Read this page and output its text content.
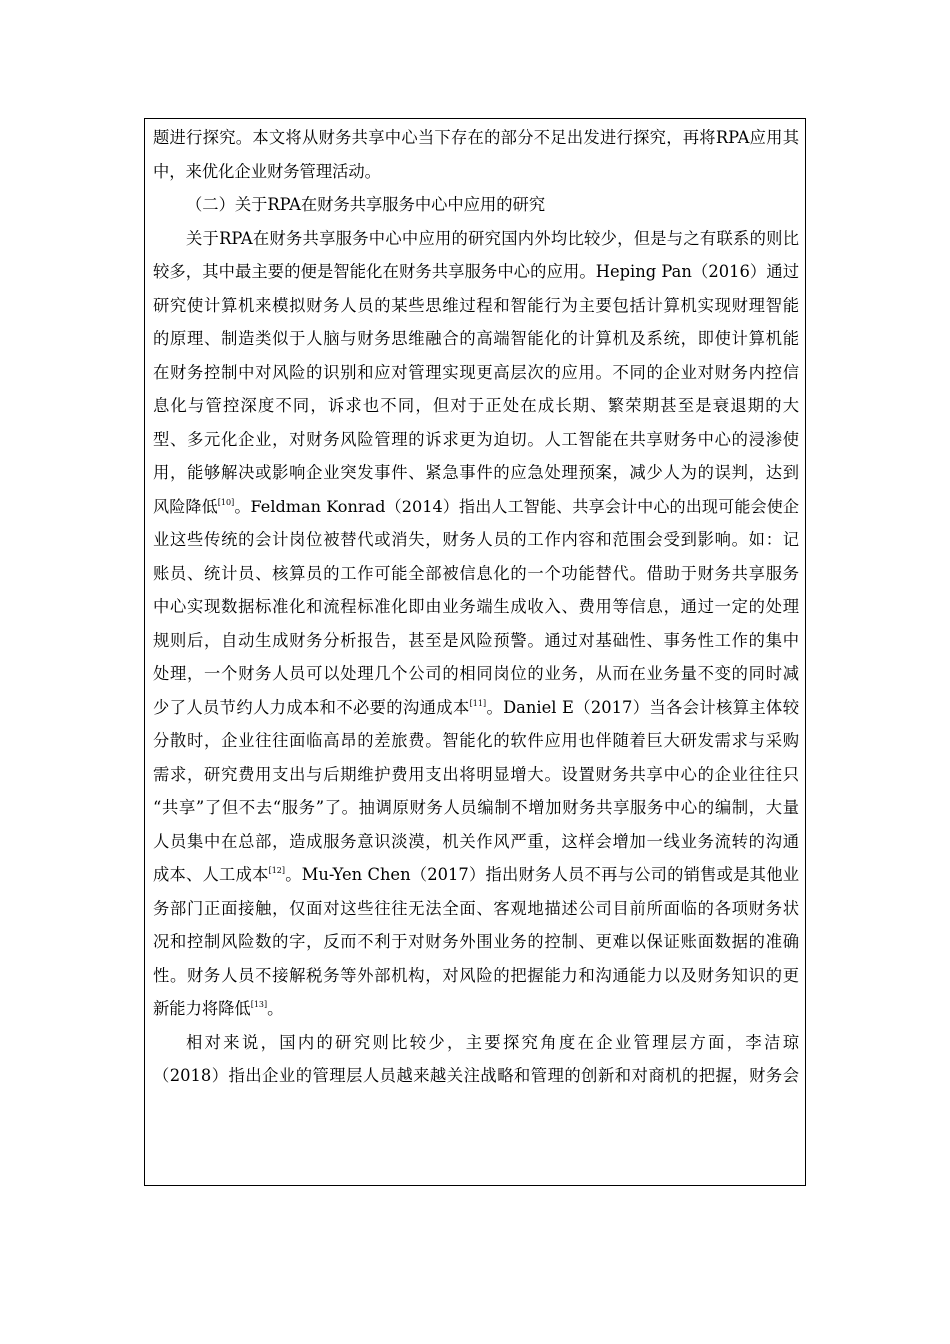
题进行探究。本文将从财务共享中心当下存在的部分不足出发进行探究，再将RPA应用其
中，来优化企业财务管理活动。
（二）关于RPA在财务共享服务中心中应用的研究
关于RPA在财务共享服务中心中应用的研究国内外均比较少，但是与之有联系的则比
较多，其中最主要的便是智能化在财务共享服务中心的应用。Heping Pan（2016）通过
研究使计算机来模拟财务人员的某些思维过程和智能行为主要包括计算机实现财理智能
的原理、制造类似于人脑与财务思维融合的高端智能化的计算机及系统，即使计算机能
在财务控制中对风险的识别和应对管理实现更高层次的应用。不同的企业对财务内控信
息化与管控深度不同，诉求也不同，但对于正处在成长期、繁荣期甚至是衰退期的大
型、多元化企业，对财务风险管理的诉求更为迫切。人工智能在共享财务中心的浸渗使
用，能够解决或影响企业突发事件、紧急事件的应急处理预案，减少人为的误判，达到
风险降低[10]。Feldman Konrad（2014）指出人工智能、共享会计中心的出现可能会使企
业这些传统的会计岗位被替代或消失，财务人员的工作内容和范围会受到影响。如：记
账员、统计员、核算员的工作可能全部被信息化的一个功能替代。借助于财务共享服务
中心实现数据标准化和流程标准化即由业务端生成收入、费用等信息，通过一定的处理
规则后，自动生成财务分析报告，甚至是风险预警。通过对基础性、事务性工作的集中
处理，一个财务人员可以处理几个公司的相同岗位的业务，从而在业务量不变的同时减
少了人员节约人力成本和不必要的沟通成本[11]。Daniel E（2017）当各会计核算主体较
分散时，企业往往面临高昂的差旅费。智能化的软件应用也伴随着巨大研发需求与采购
需求，研究费用支出与后期维护费用支出将明显增大。设置财务共享中心的企业往往只
“共享”了但不去“服务”了。抽调原财务人员编制不增加财务共享服务中心的编制，大量
人员集中在总部，造成服务意识淡漠，机关作风严重，这样会增加一线业务流转的沟通
成本、人工成本[12]。Mu-Yen Chen（2017）指出财务人员不再与公司的销售或是其他业
务部门正面接触，仅面对这些往往无法全面、客观地描述公司目前所面临的各项财务状
况和控制风险数的字，反而不利于对财务外围业务的控制、更难以保证账面数据的准确
性。财务人员不接解税务等外部机构，对风险的把握能力和沟通能力以及财务知识的更
新能力将降低[13]。
相对来说，国内的研究则比较少，主要探究角度在企业管理层方面，李洁琼
（2018）指出企业的管理层人员越来越关注战略和管理的创新和对商机的把握，财务会
